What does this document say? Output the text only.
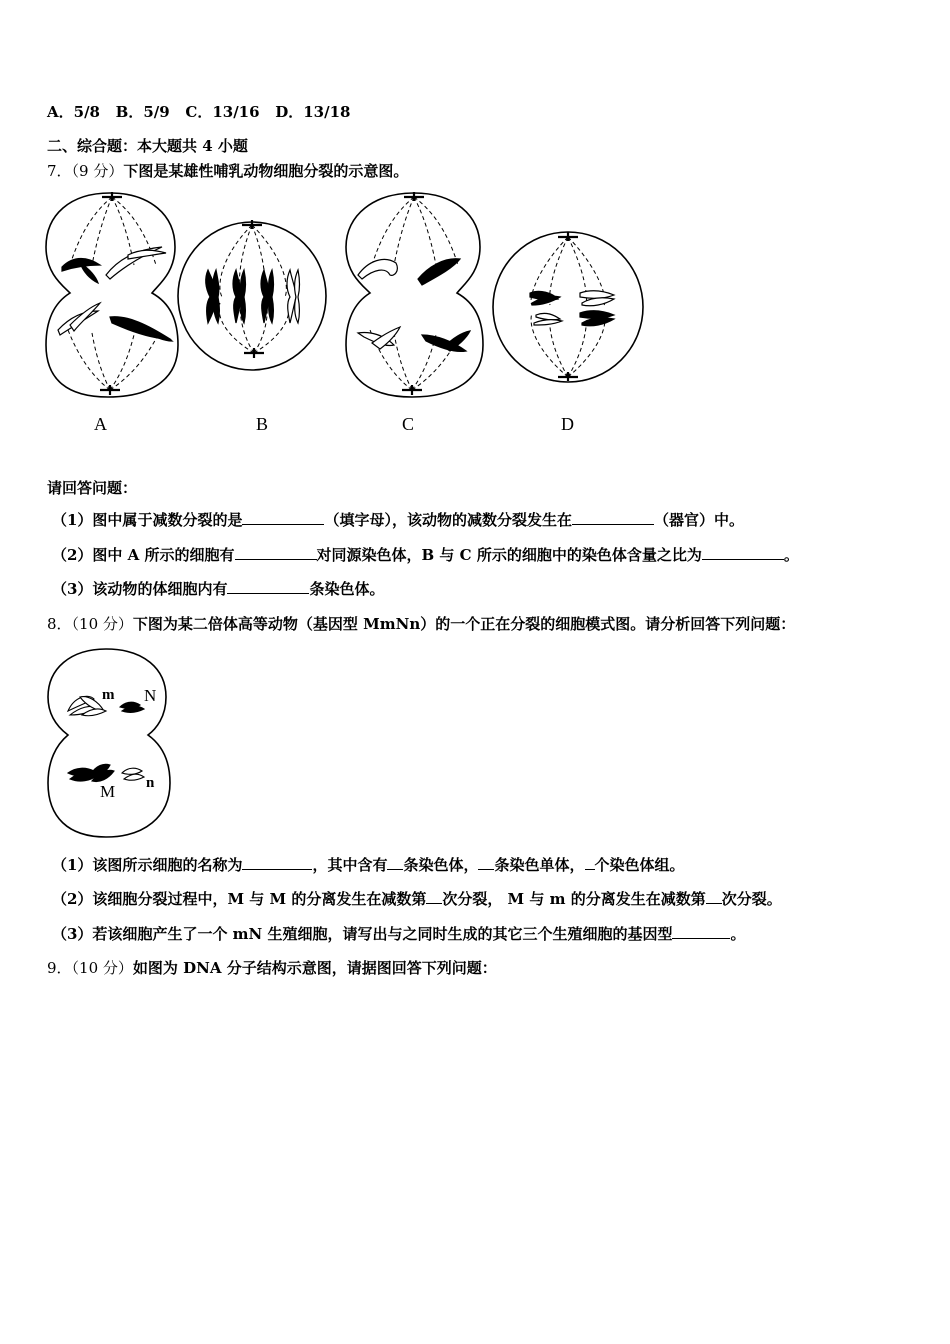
A．5/8 B．5/9 C．13/16 D．13/18
二、综合题：本大题共 4 小题
7．（9 分）下图是某雄性哺乳动物细胞分裂的示意图。
A	B	C	D
请回答问题：
（1）图中属于减数分裂的是	（填字母），该动物的减数分裂发生在	（器官）中。
（2）图中 A 所示的细胞有	对同源染色体，B 与 C 所示的细胞中的染色体含量之比为	。
（3）该动物的体细胞内有	条染色体。
8．（10 分）下图为某二倍体高等动物（基因型 MmNn）的一个正在分裂的细胞模式图。请分析回答下列问题：
m N
M n
（1）该图所示细胞的名称为	，其中含有 条染色体， 条染色单体， 个染色体组。
（2）该细胞分裂过程中，M 与 M 的分离发生在减数第 次分裂， M 与 m 的分离发生在减数第 次分裂。
（3）若该细胞产生了一个 mN 生殖细胞，请写出与之同时生成的其它三个生殖细胞的基因型	。
9．（10 分）如图为 DNA 分子结构示意图，请据图回答下列问题：
